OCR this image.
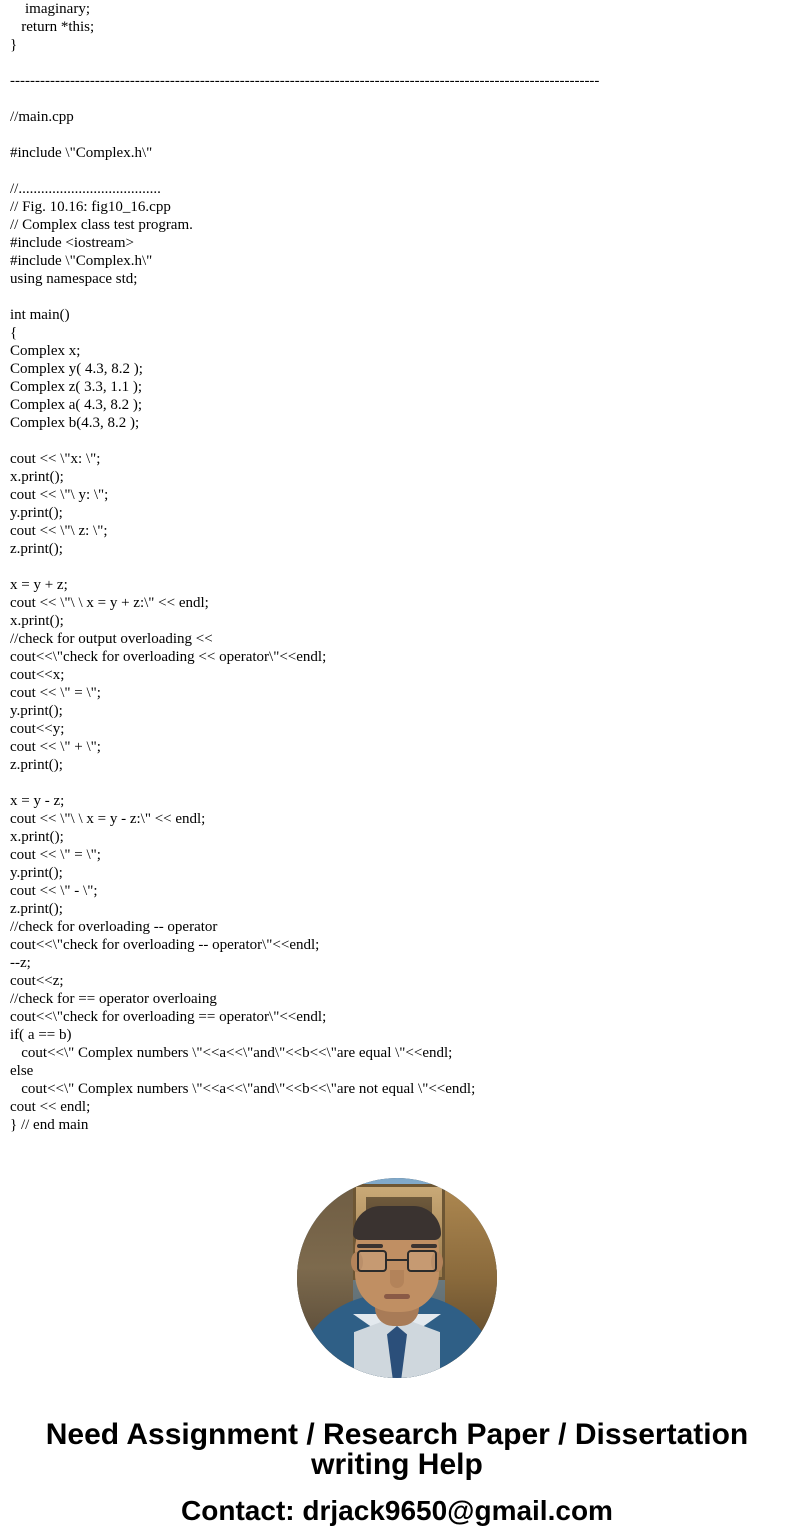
imaginary;
return *this;
}

----------------------------------------------------------------------------------------------------------------------

//main.cpp

#include \"Complex.h\"

//......................................
// Fig. 10.16: fig10_16.cpp
// Complex class test program.
#include <iostream>
#include \"Complex.h\"
using namespace std;

int main()
{
Complex x;
Complex y( 4.3, 8.2 );
Complex z( 3.3, 1.1 );
Complex a( 4.3, 8.2 );
Complex b(4.3, 8.2 );

cout << \"x: \";
x.print();
cout << \"\ y: \";
y.print();
cout << \"\ z: \";
z.print();

x = y + z;
cout << \"\ \ x = y + z:\" << endl;
x.print();
//check for output overloading <<
cout<<\"check for overloading << operator\"<<endl;
cout<<x;
cout << \" = \";
y.print();
cout<<y;
cout << \" + \";
z.print();

x = y - z;
cout << \"\ \ x = y - z:\" << endl;
x.print();
cout << \" = \";
y.print();
cout << \" - \";
z.print();
//check for overloading -- operator
cout<<\"check for overloading -- operator\"<<endl;
--z;
cout<<z;
//check for == operator overloaing
cout<<\"check for overloading == operator\"<<endl;
if( a == b)
cout<<\" Complex numbers \"<<a<<\"and\"<<b<<\"are equal \"<<endl;
else
cout<<\" Complex numbers \"<<a<<\"and\"<<b<<\"are not equal \"<<endl;
cout << endl;
} // end main
Need Assignment / Research Paper / Dissertation
writing Help
Contact: drjack9650@gmail.com
